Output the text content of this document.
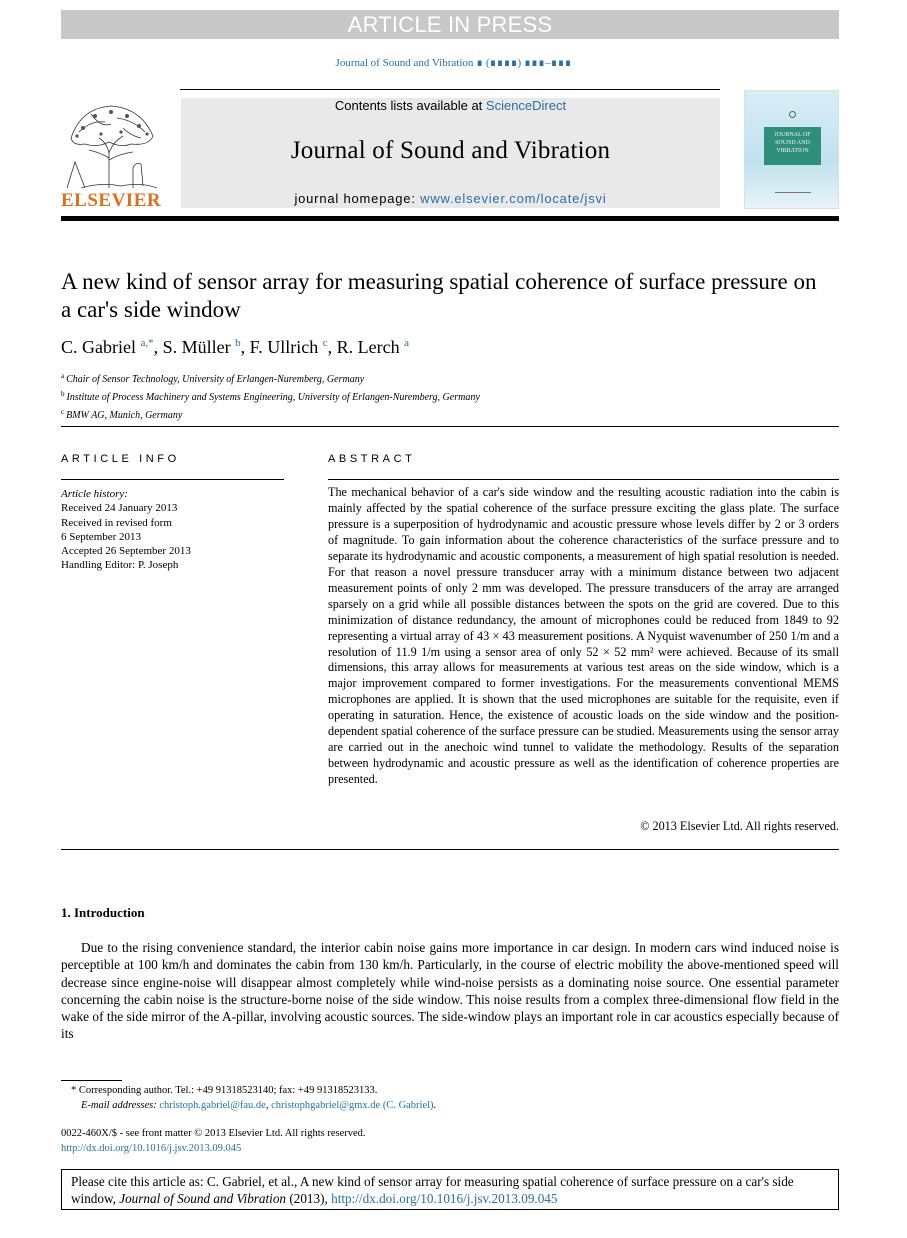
ARTICLE IN PRESS
Journal of Sound and Vibration ∎ (∎∎∎∎) ∎∎∎–∎∎∎
Contents lists available at ScienceDirect
Journal of Sound and Vibration
journal homepage: www.elsevier.com/locate/jsvi
ELSEVIER
JOURNAL OF SOUND AND VIBRATION
A new kind of sensor array for measuring spatial coherence of surface pressure on a car's side window
C. Gabriel $^{a,*}$, S. Müller $^b$, F. Ullrich $^c$, R. Lerch $^a$
$^a$ Chair of Sensor Technology, University of Erlangen-Nuremberg, Germany
$^b$ Institute of Process Machinery and Systems Engineering, University of Erlangen-Nuremberg, Germany
$^c$ BMW AG, Munich, Germany
ARTICLE INFO
Article history:
Received 24 January 2013
Received in revised form
6 September 2013
Accepted 26 September 2013
Handling Editor: P. Joseph
ABSTRACT
The mechanical behavior of a car's side window and the resulting acoustic radiation into the cabin is mainly affected by the spatial coherence of the surface pressure exciting the glass plate. The surface pressure is a superposition of hydrodynamic and acoustic pressure whose levels differ by 2 or 3 orders of magnitude. To gain information about the coherence characteristics of the surface pressure and to separate its hydrodynamic and acoustic components, a measurement of high spatial resolution is needed. For that reason a novel pressure transducer array with a minimum distance between two adjacent measurement points of only 2 mm was developed. The pressure transducers of the array are arranged sparsely on a grid while all possible distances between the spots on the grid are covered. Due to this minimization of distance redundancy, the amount of microphones could be reduced from 1849 to 92 representing a virtual array of 43 × 43 measurement positions. A Nyquist wavenumber of 250 1/m and a resolution of 11.9 1/m using a sensor area of only 52 × 52 mm² were achieved. Because of its small dimensions, this array allows for measurements at various test areas on the side window, which is a major improvement compared to former investigations. For the measurements conventional MEMS microphones are applied. It is shown that the used microphones are suitable for the requisite, even if operating in saturation. Hence, the existence of acoustic loads on the side window and the position-dependent spatial coherence of the surface pressure can be studied. Measurements using the sensor array are carried out in the anechoic wind tunnel to validate the methodology. Results of the separation between hydrodynamic and acoustic pressure as well as the identification of coherence properties are presented.
© 2013 Elsevier Ltd. All rights reserved.
1. Introduction
Due to the rising convenience standard, the interior cabin noise gains more importance in car design. In modern cars wind induced noise is perceptible at 100 km/h and dominates the cabin from 130 km/h. Particularly, in the course of electric mobility the above-mentioned speed will decrease since engine-noise will disappear almost completely while wind-noise persists as a dominating noise source. One essential parameter concerning the cabin noise is the structure-borne noise of the side window. This noise results from a complex three-dimensional flow field in the wake of the side mirror of the A-pillar, involving acoustic sources. The side-window plays an important role in car acoustics especially because of its
* Corresponding author. Tel.: +49 91318523140; fax: +49 91318523133.
E-mail addresses: christoph.gabriel@fau.de, christophgabriel@gmx.de (C. Gabriel).
0022-460X/$ - see front matter © 2013 Elsevier Ltd. All rights reserved.
http://dx.doi.org/10.1016/j.jsv.2013.09.045
Please cite this article as: C. Gabriel, et al., A new kind of sensor array for measuring spatial coherence of surface pressure on a car's side window, Journal of Sound and Vibration (2013), http://dx.doi.org/10.1016/j.jsv.2013.09.045
